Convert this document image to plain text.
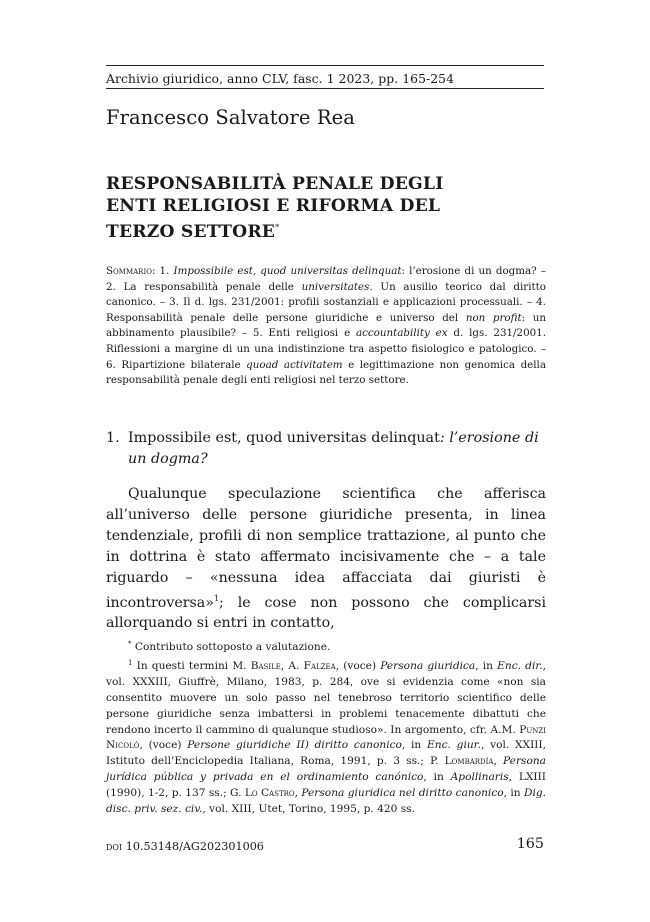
Archivio giuridico, anno CLV, fasc. 1 2023, pp. 165-254
Francesco Salvatore Rea
RESPONSABILITÀ PENALE DEGLI
ENTI RELIGIOSI E RIFORMA DEL
TERZO SETTORE*
Sommario: 1. Impossibile est, quod universitas delinquat: l’erosione di un dogma? – 2. La responsabilità penale delle universitates. Un ausilio teorico dal diritto canonico. – 3. Il d. lgs. 231/2001: profili sostanziali e applicazioni processuali. – 4. Responsabilità penale delle persone giuridiche e universo del non profit: un abbinamento plausibile? – 5. Enti religiosi e accountability ex d. lgs. 231/2001. Riflessioni a margine di un una indistinzione tra aspetto fisiologico e patologico. – 6. Ripartizione bilaterale quoad activitatem e legittimazione non genomica della responsabilità penale degli enti religiosi nel terzo settore.
1. Impossibile est, quod universitas delinquat: l’erosione di un dogma?

Qualunque speculazione scientifica che afferisca all’universo delle persone giuridiche presenta, in linea tendenziale, profili di non semplice trattazione, al punto che in dottrina è stato affermato incisivamente che – a tale riguardo – «nessuna idea affacciata dai giuristi è incontroversa»$^1$; le cose non possono che complicarsi allorquando si entri in contatto,

* Contributo sottoposto a valutazione.

$^1$ In questi termini M. Basile, A. Falzea, (voce) Persona giuridica, in Enc. dir., vol. XXXIII, Giuffrè, Milano, 1983, p. 284, ove si evidenzia come «non sia consentito muovere un solo passo nel tenebroso territorio scientifico delle persone giuridiche senza imbattersi in problemi tenacemente dibattuti che rendono incerto il cammino di qualunque studioso». In argomento, cfr. A.M. Punzi Nicolò, (voce) Persone giuridiche II) diritto canonico, in Enc. giur., vol. XXIII, Istituto dell’Enciclopedia Italiana, Roma, 1991, p. 3 ss.; P. Lombardía, Persona jurídica pública y privada en el ordinamiento canónico, in Apollinaris, LXIII (1990), 1-2, p. 137 ss.; G. Lo Castro, Persona giuridica nel diritto canonico, in Dig. disc. priv. sez. civ., vol. XIII, Utet, Torino, 1995, p. 420 ss.

doi 10.53148/AG202301006	165
